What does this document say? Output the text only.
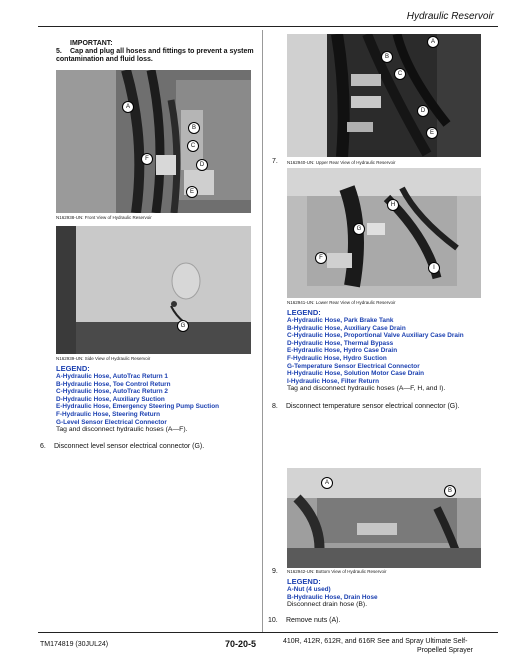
Hydraulic Reservoir
IMPORTANT:
5. Cap and plug all hoses and fittings to prevent a system contamination and fluid loss.
A
B
C
D
E
F
N162938-UN: Front View of Hydraulic Reservoir
G
N162939-UN: Side View of Hydraulic Reservoir
LEGEND:
A-Hydraulic Hose, AutoTrac Return 1
B-Hydraulic Hose, Toe Control Return
C-Hydraulic Hose, AutoTrac Return 2
D-Hydraulic Hose, Auxiliary Suction
E-Hydraulic Hose, Emergency Steering Pump Suction
F-Hydraulic Hose, Steering Return
G-Level Sensor Electrical Connector
Tag and disconnect hydraulic hoses (A—F).
6. Disconnect level sensor electrical connector (G).
A
B
C
D
E
7.	N162940-UN: Upper Rear View of Hydraulic Reservoir
H
G
F
I
N162941-UN: Lower Rear View of Hydraulic Reservoir
LEGEND:
A-Hydraulic Hose, Park Brake Tank
B-Hydraulic Hose, Auxiliary Case Drain
C-Hydraulic Hose, Proportional Valve Auxiliary Case Drain
D-Hydraulic Hose, Thermal Bypass
E-Hydraulic Hose, Hydro Case Drain
F-Hydraulic Hose, Hydro Suction
G-Temperature Sensor Electrical Connector
H-Hydraulic Hose, Solution Motor Case Drain
I-Hydraulic Hose, Filter Return
Tag and disconnect hydraulic hoses (A—F, H, and I).
8. Disconnect temperature sensor electrical connector (G).
A
B
9.	N162942-UN: Bottom View of Hydraulic Reservoir
LEGEND:
A-Nut (4 used)
B-Hydraulic Hose, Drain Hose
Disconnect drain hose (B).
10. Remove nuts (A).
TM174819 (30JUL24)	70-20-5	410R, 412R, 612R, and 616R See and Spray Ultimate Self-
Propelled Sprayer
